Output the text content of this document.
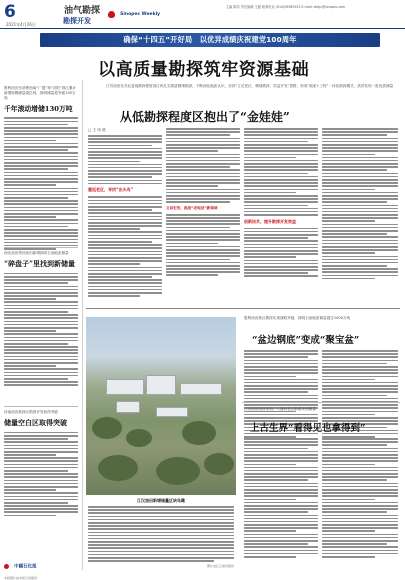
6
2021年4月26日
油气勘探
勘探开发
Sinopec Weekly
主编 陈琰 责任编辑 王磊 联系电话 (010)59963325 E-mail: zhbjc@sinopec.com
确保“十四五”开好局　以优异成绩庆祝建党100周年
以高质量勘探筑牢资源基础
胜利油田东部鲁西南“广德”和“济阳”探区累计新增规模储量超亿吨，探明储量将突破130万吨
千年滚动增储130万吨
西北油田塔河油田新增探明石油地质储量
“碎盘子”里找到新储量
河南油田新探区勘探开发取得突破
储量空白区取得突破
中國石化报
本版图片由本报记者提供
江苏油田在苏北盆地勘探程度高区块扎实推进精细勘探，不断深化地质认识，坚持“立足老区、精细勘探、效益开发”思路，形成“地质+工程”一体化勘探模式，高效发现一批优质储量
从低勘探程度区抱出了“金娃娃”
□ 王 伟 晨
重返老区，寻找“出头鸟”
文昌宏伟，挑战“老地层”新领域
创新技术，提升勘探开发效益
江汉油田新增储量区块鸟瞰
图片由江汉油田提供
胜利油田新区勘探实现战略突破，探明石油地质储量超过1000万吨
“盆边钢底”变成“聚宝盆”
江汉油田清河采油厂八面河老区新增采油储量
上古生界“看得见也拿得到”
